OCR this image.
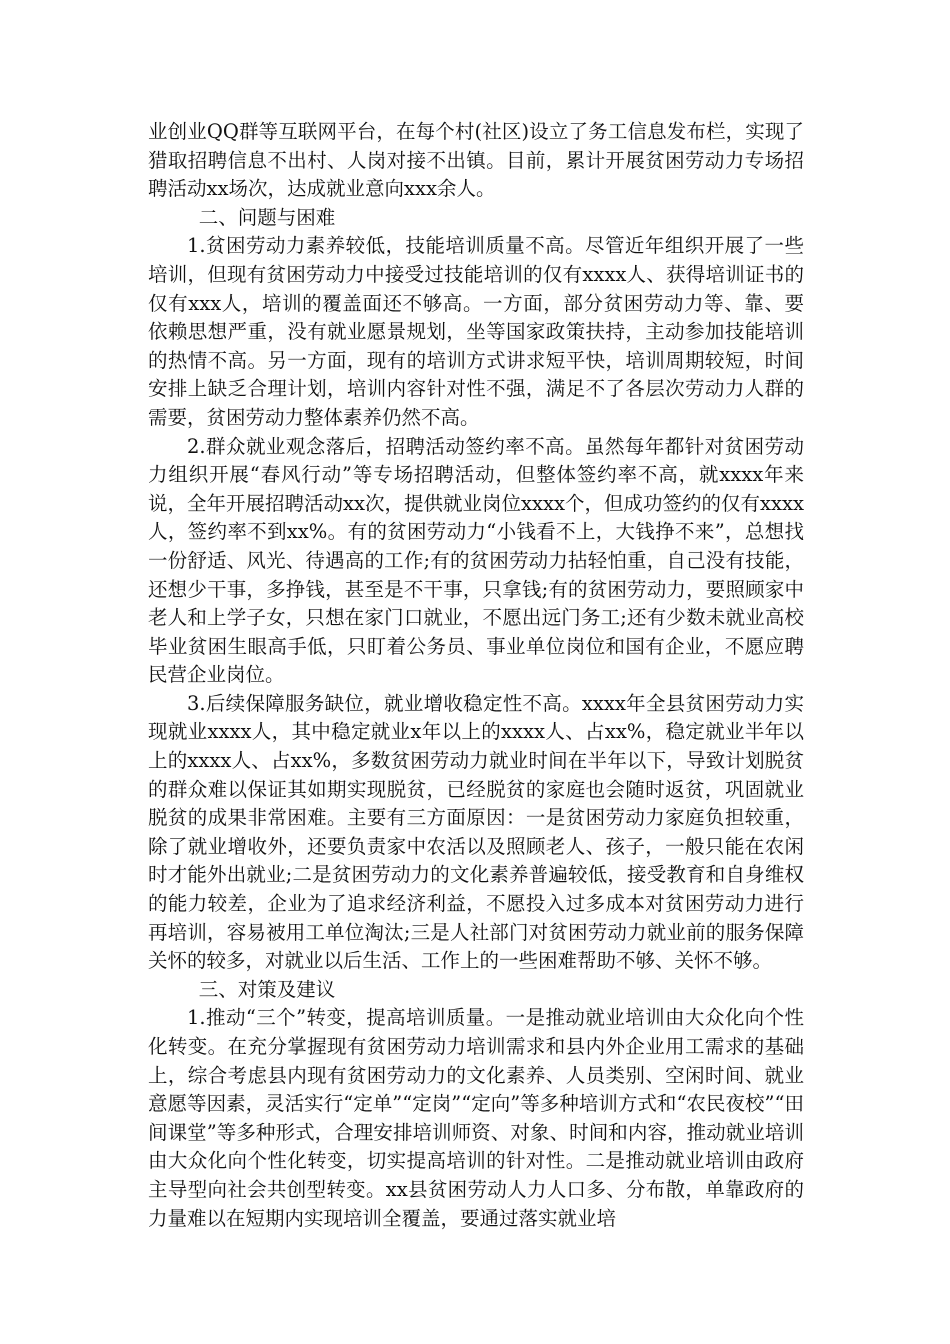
业创业QQ群等互联网平台，在每个村(社区)设立了务工信息发布栏，实现了猎取招聘信息不出村、人岗对接不出镇。目前，累计开展贫困劳动力专场招聘活动xx场次，达成就业意向xxx余人。

二、问题与困难

1.贫困劳动力素养较低，技能培训质量不高。尽管近年组织开展了一些培训，但现有贫困劳动力中接受过技能培训的仅有xxxx人、获得培训证书的仅有xxx人，培训的覆盖面还不够高。一方面，部分贫困劳动力等、靠、要依赖思想严重，没有就业愿景规划，坐等国家政策扶持，主动参加技能培训的热情不高。另一方面，现有的培训方式讲求短平快，培训周期较短，时间安排上缺乏合理计划，培训内容针对性不强，满足不了各层次劳动力人群的需要，贫困劳动力整体素养仍然不高。

2.群众就业观念落后，招聘活动签约率不高。虽然每年都针对贫困劳动力组织开展“春风行动”等专场招聘活动，但整体签约率不高，就xxxx年来说，全年开展招聘活动xx次，提供就业岗位xxxx个，但成功签约的仅有xxxx人，签约率不到xx%。有的贫困劳动力“小钱看不上，大钱挣不来”，总想找一份舒适、风光、待遇高的工作;有的贫困劳动力拈轻怕重，自己没有技能，还想少干事，多挣钱，甚至是不干事，只拿钱;有的贫困劳动力，要照顾家中老人和上学子女，只想在家门口就业，不愿出远门务工;还有少数未就业高校毕业贫困生眼高手低，只盯着公务员、事业单位岗位和国有企业，不愿应聘民营企业岗位。

3.后续保障服务缺位，就业增收稳定性不高。xxxx年全县贫困劳动力实现就业xxxx人，其中稳定就业x年以上的xxxx人、占xx%，稳定就业半年以上的xxxx人、占xx%，多数贫困劳动力就业时间在半年以下，导致计划脱贫的群众难以保证其如期实现脱贫，已经脱贫的家庭也会随时返贫，巩固就业脱贫的成果非常困难。主要有三方面原因：一是贫困劳动力家庭负担较重，除了就业增收外，还要负责家中农活以及照顾老人、孩子，一般只能在农闲时才能外出就业;二是贫困劳动力的文化素养普遍较低，接受教育和自身维权的能力较差，企业为了追求经济利益，不愿投入过多成本对贫困劳动力进行再培训，容易被用工单位淘汰;三是人社部门对贫困劳动力就业前的服务保障关怀的较多，对就业以后生活、工作上的一些困难帮助不够、关怀不够。

三、对策及建议

1.推动“三个”转变，提高培训质量。一是推动就业培训由大众化向个性化转变。在充分掌握现有贫困劳动力培训需求和县内外企业用工需求的基础上，综合考虑县内现有贫困劳动力的文化素养、人员类别、空闲时间、就业意愿等因素，灵活实行“定单”“定岗”“定向”等多种培训方式和“农民夜校”“田间课堂”等多种形式，合理安排培训师资、对象、时间和内容，推动就业培训由大众化向个性化转变，切实提高培训的针对性。二是推动就业培训由政府主导型向社会共创型转变。xx县贫困劳动人力人口多、分布散，单靠政府的力量难以在短期内实现培训全覆盖，要通过落实就业培
